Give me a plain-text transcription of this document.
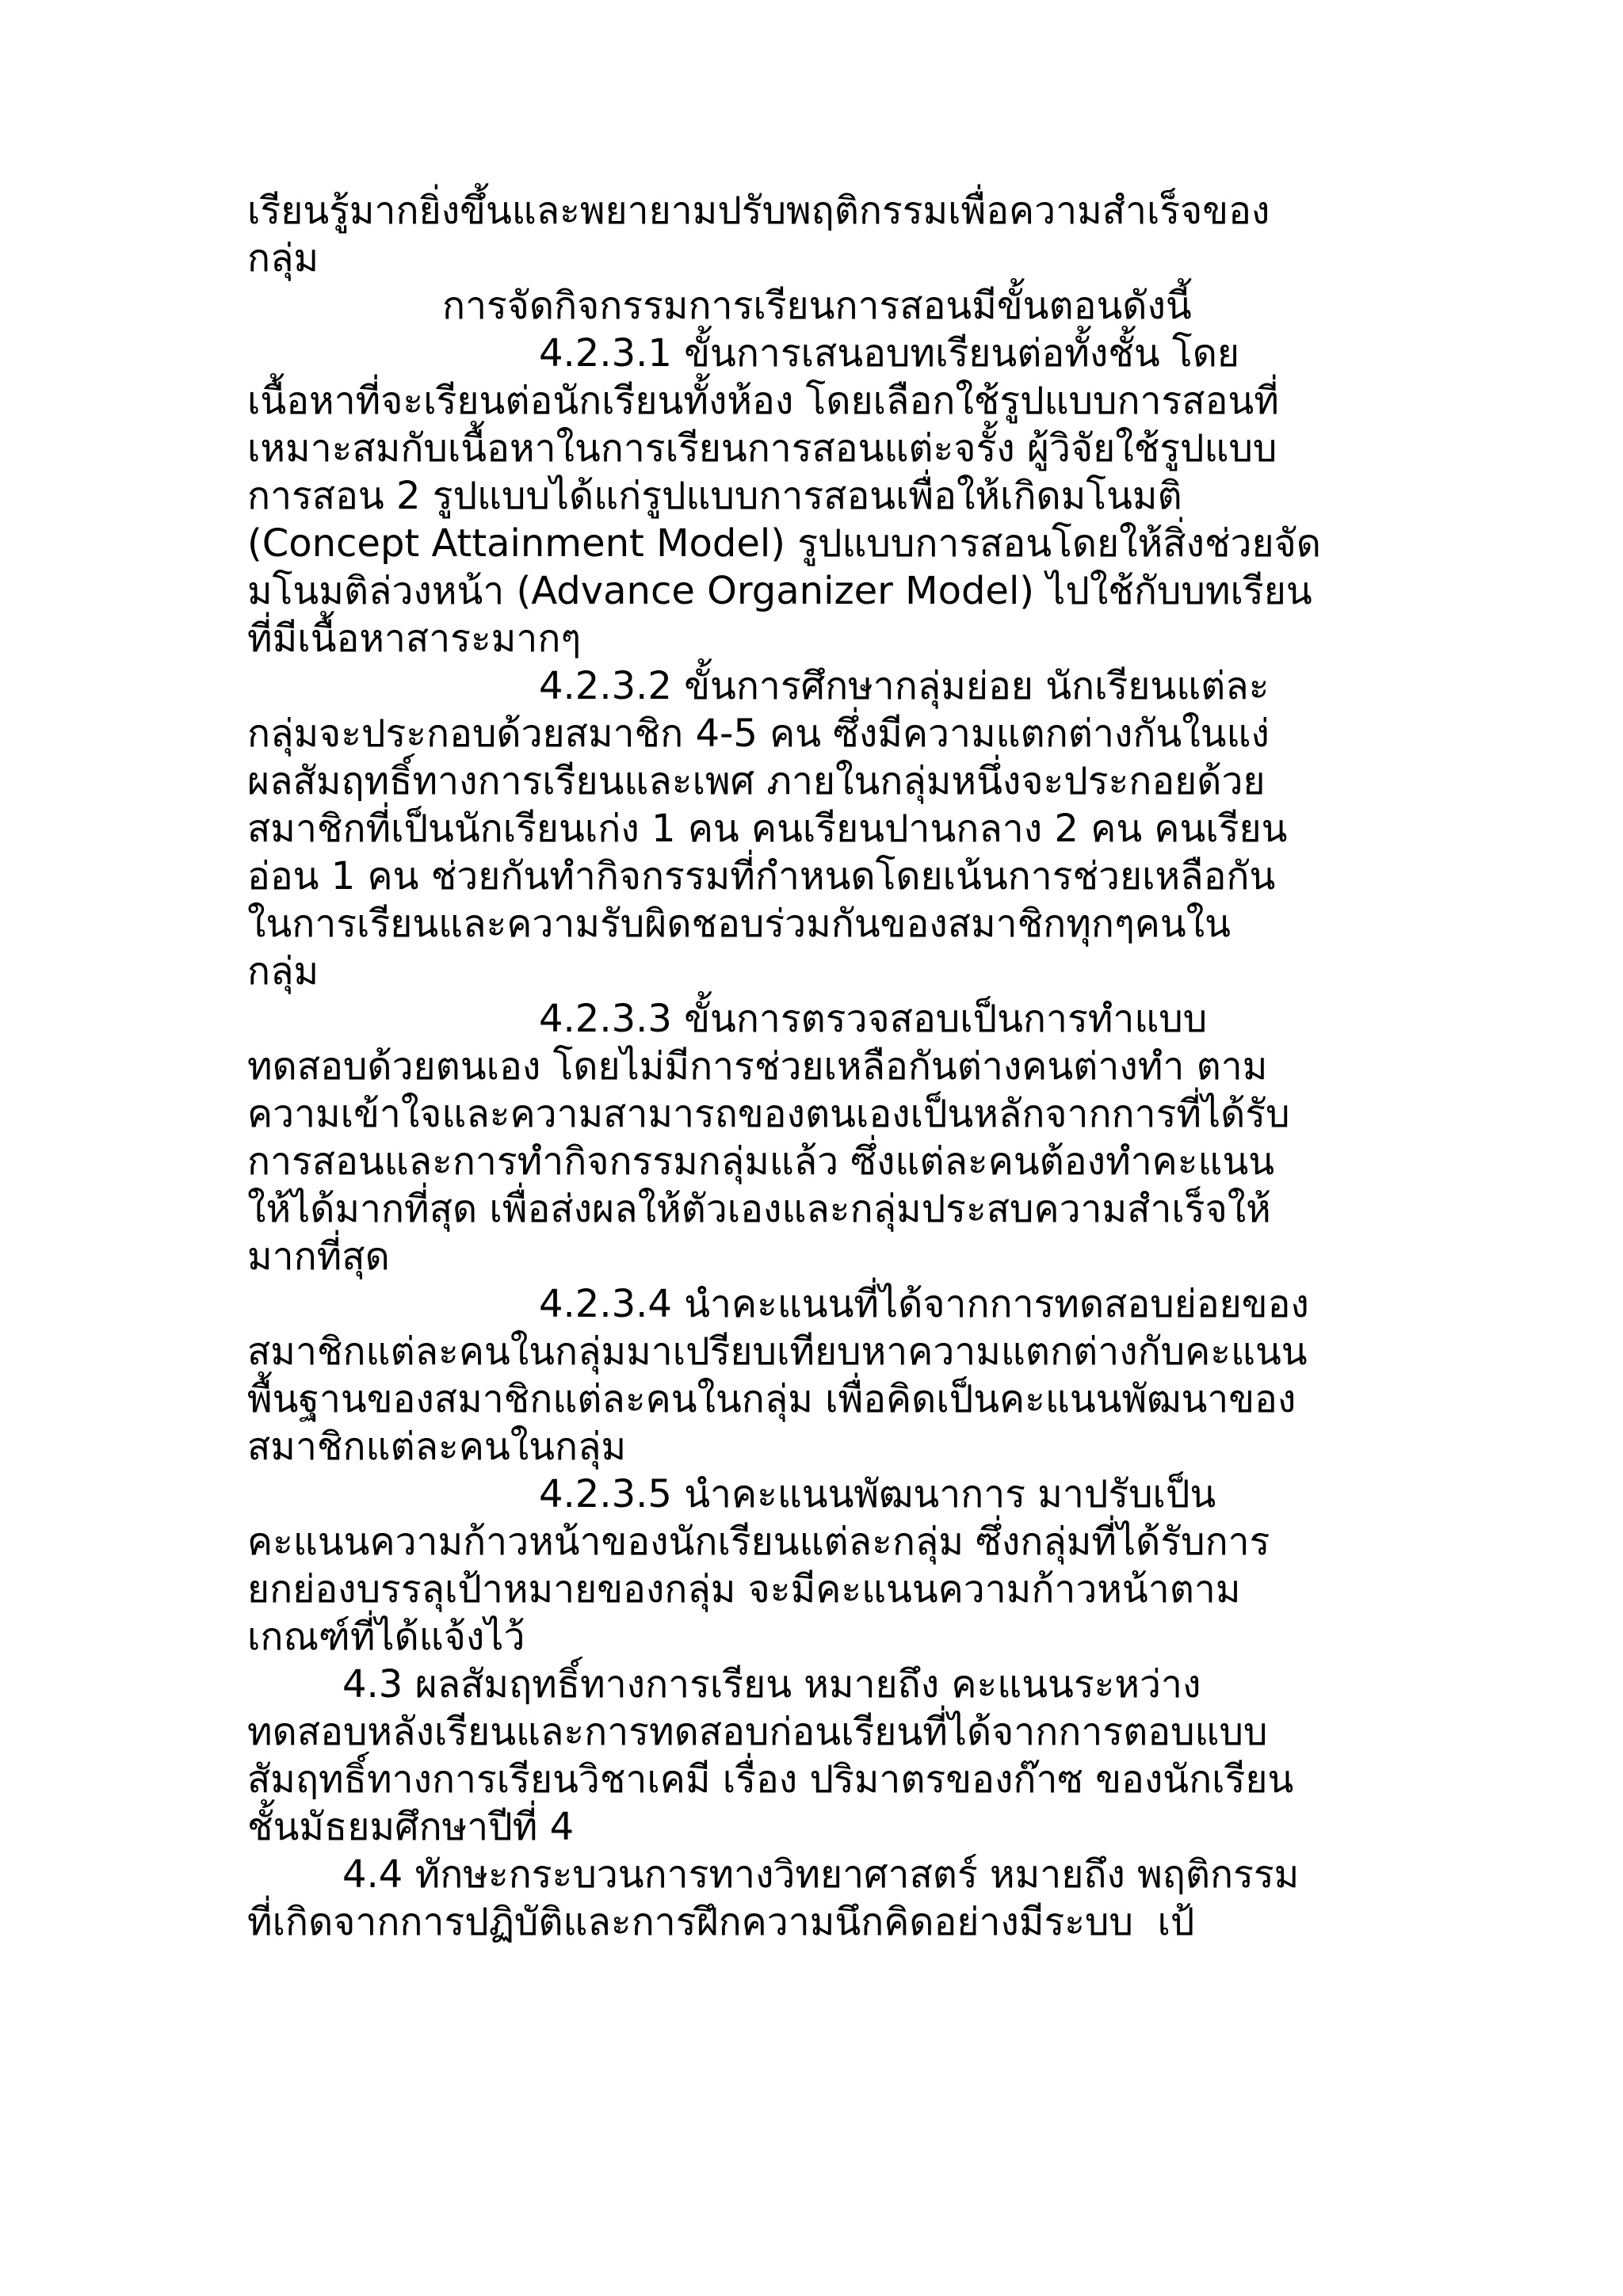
เรียนรู้มากยิ่งขึ้นและพยายามปรับพฤติกรรมเพื่อความสำเร็จของ
กลุ่ม
การจัดกิจกรรมการเรียนการสอนมีขั้นตอนดังนี้
4.2.3.1 ขั้นการเสนอบทเรียนต่อทั้งชั้น โดย
เนื้อหาที่จะเรียนต่อนักเรียนทั้งห้อง โดยเลือกใช้รูปแบบการสอนที่
เหมาะสมกับเนื้อหาในการเรียนการสอนแต่ะจรั้ง ผู้วิจัยใช้รูปแบบ
การสอน 2 รูปแบบได้แก่รูปแบบการสอนเพื่อให้เกิดมโนมติ
(Concept Attainment Model) รูปแบบการสอนโดยให้สิ่งช่วยจัด
มโนมติล่วงหน้า (Advance Organizer Model) ไปใช้กับบทเรียน
ที่มีเนื้อหาสาระมากๆ
4.2.3.2 ขั้นการศึกษากลุ่มย่อย นักเรียนแต่ละ
กลุ่มจะประกอบด้วยสมาชิก 4-5 คน ซึ่งมีความแตกต่างกันในแง่
ผลสัมฤทธิ์ทางการเรียนและเพศ ภายในกลุ่มหนึ่งจะประกอยด้วย
สมาชิกที่เป็นนักเรียนเก่ง 1 คน คนเรียนปานกลาง 2 คน คนเรียน
อ่อน 1 คน ช่วยกันทำกิจกรรมที่กำหนดโดยเน้นการช่วยเหลือกัน
ในการเรียนและความรับผิดชอบร่วมกันของสมาชิกทุกๆคนใน
กลุ่ม
4.2.3.3 ขั้นการตรวจสอบเป็นการทำแบบ
ทดสอบด้วยตนเอง โดยไม่มีการช่วยเหลือกันต่างคนต่างทำ ตาม
ความเข้าใจและความสามารถของตนเองเป็นหลักจากการที่ได้รับ
การสอนและการทำกิจกรรมกลุ่มแล้ว ซึ่งแต่ละคนต้องทำคะแนน
ให้ได้มากที่สุด เพื่อส่งผลให้ตัวเองและกลุ่มประสบความสำเร็จให้
มากที่สุด
4.2.3.4 นำคะแนนที่ได้จากการทดสอบย่อยของ
สมาชิกแต่ละคนในกลุ่มมาเปรียบเทียบหาความแตกต่างกับคะแนน
พื้นฐานของสมาชิกแต่ละคนในกลุ่ม เพื่อคิดเป็นคะแนนพัฒนาของ
สมาชิกแต่ละคนในกลุ่ม
4.2.3.5 นำคะแนนพัฒนาการ มาปรับเป็น
คะแนนความก้าวหน้าของนักเรียนแต่ละกลุ่ม ซึ่งกลุ่มที่ได้รับการ
ยกย่องบรรลุเป้าหมายของกลุ่ม จะมีคะแนนความก้าวหน้าตาม
เกณฑ์ที่ได้แจ้งไว้
4.3 ผลสัมฤทธิ์ทางการเรียน หมายถึง คะแนนระหว่าง
ทดสอบหลังเรียนและการทดสอบก่อนเรียนที่ได้จากการตอบแบบ
สัมฤทธิ์ทางการเรียนวิชาเคมี เรื่อง ปริมาตรของก๊าซ ของนักเรียน
ชั้นมัธยมศึกษาปีที่ 4
4.4 ทักษะกระบวนการทางวิทยาศาสตร์ หมายถึง พฤติกรรม
ที่เกิดจากการปฏิบัติและการฝึกความนึกคิดอย่างมีระบบ  เป้
